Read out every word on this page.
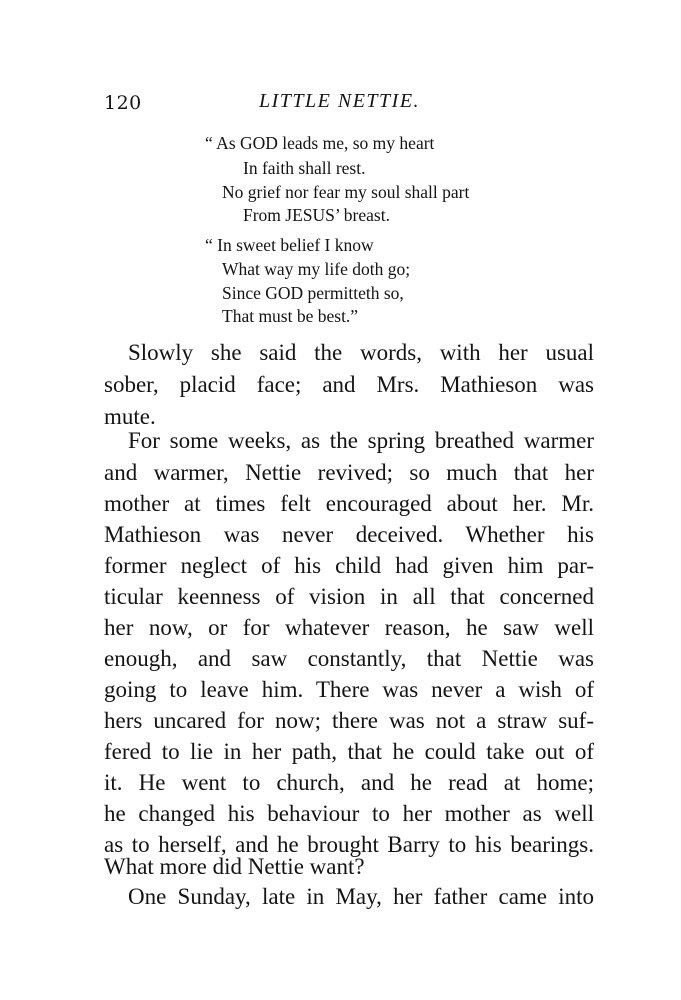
120	LITTLE NETTIE.
“ As GOD leads me, so my heart
In faith shall rest.
No grief nor fear my soul shall part
From JESUS’ breast.
“ In sweet belief I know
What way my life doth go;
Since GOD permitteth so,
That must be best.”
Slowly she said the words, with her usual
sober, placid face; and Mrs. Mathieson was
mute.
For some weeks, as the spring breathed warmer
and warmer, Nettie revived; so much that her
mother at times felt encouraged about her. Mr.
Mathieson was never deceived. Whether his
former neglect of his child had given him par-
ticular keenness of vision in all that concerned
her now, or for whatever reason, he saw well
enough, and saw constantly, that Nettie was
going to leave him. There was never a wish of
hers uncared for now; there was not a straw suf-
fered to lie in her path, that he could take out of
it. He went to church, and he read at home;
he changed his behaviour to her mother as well
as to herself, and he brought Barry to his bearings.
What more did Nettie want?
One Sunday, late in May, her father came into
